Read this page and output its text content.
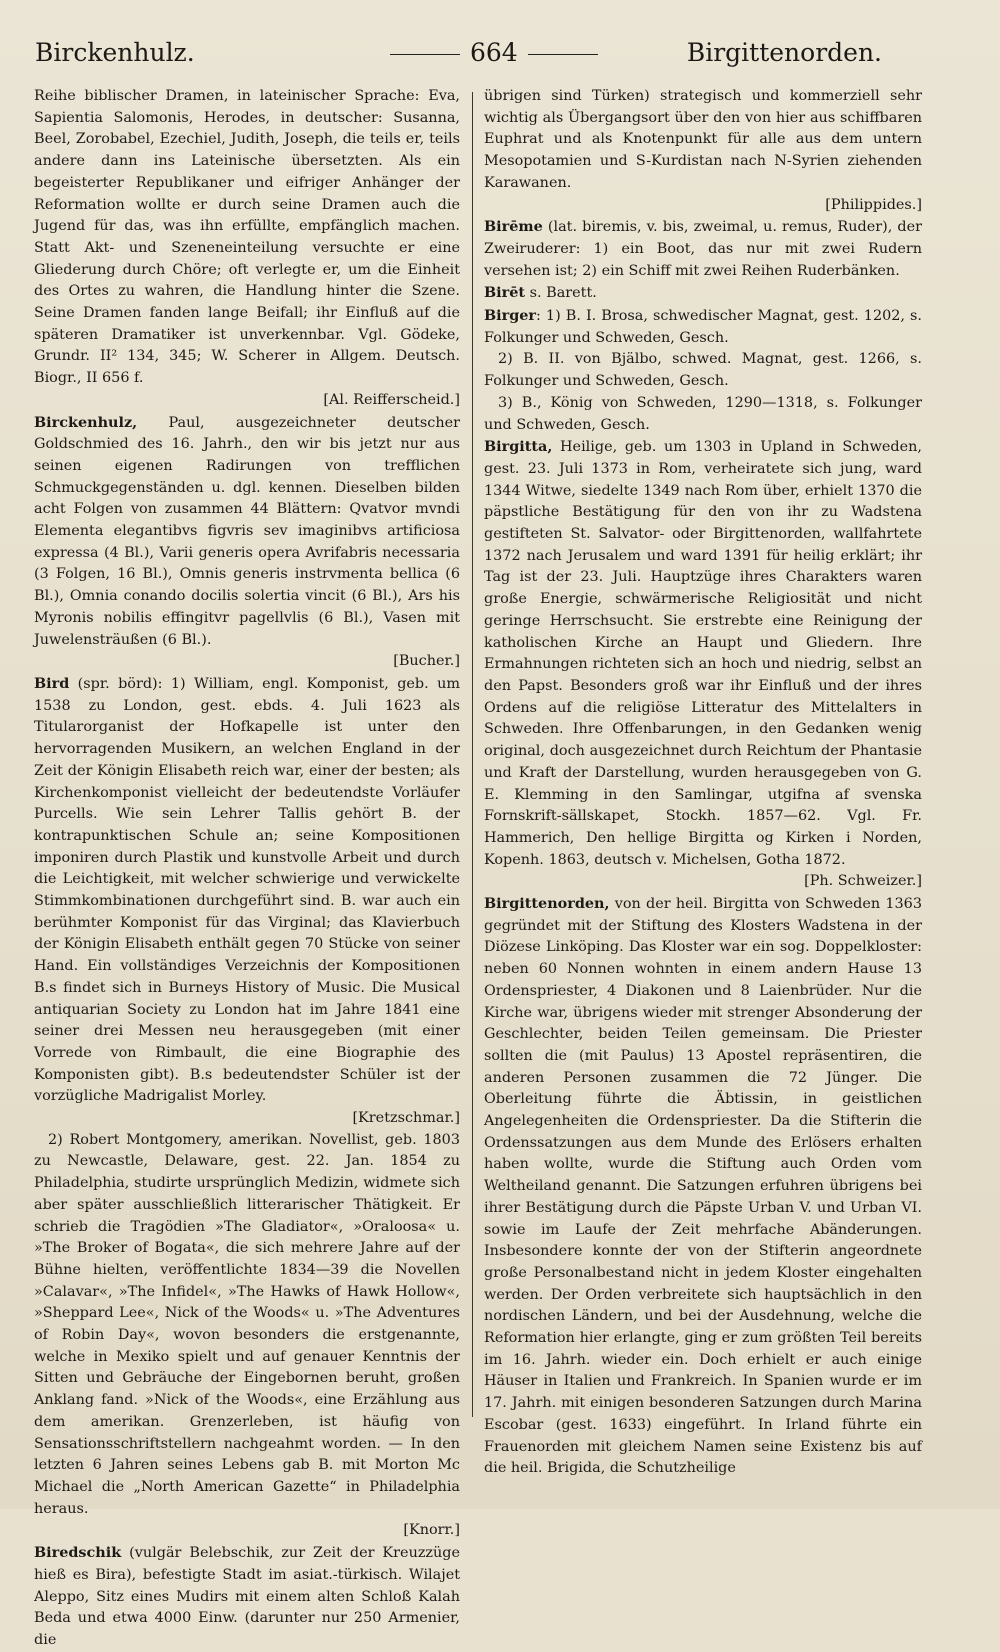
Birckenhulz.	664	Birgittenorden.

Reihe biblischer Dramen, in lateinischer Sprache: Eva, Sapientia Salomonis, Herodes, in deutscher: Susanna, Beel, Zorobabel, Ezechiel, Judith, Joseph, die teils er, teils andere dann ins Lateinische übersetzten. Als ein begeisterter Republikaner und eifriger Anhänger der Reformation wollte er durch seine Dramen auch die Jugend für das, was ihn erfüllte, empfänglich machen. Statt Akt- und Szeneneinteilung versuchte er eine Gliederung durch Chöre; oft verlegte er, um die Einheit des Ortes zu wahren, die Handlung hinter die Szene. Seine Dramen fanden lange Beifall; ihr Einfluß auf die späteren Dramatiker ist unverkennbar. Vgl. Gödeke, Grundr. II² 134, 345; W. Scherer in Allgem. Deutsch. Biogr., II 656 f.
[Al. Reifferscheid.]

Birckenhulz, Paul, ausgezeichneter deutscher Goldschmied des 16. Jahrh., den wir bis jetzt nur aus seinen eigenen Radirungen von trefflichen Schmuckgegenständen u. dgl. kennen. Dieselben bilden acht Folgen von zusammen 44 Blättern: Qvatvor mvndi Elementa elegantibvs figvris sev imaginibvs artificiosa expressa (4 Bl.), Varii generis opera Avrifabris necessaria (3 Folgen, 16 Bl.), Omnis generis instrvmenta bellica (6 Bl.), Omnia conando docilis solertia vincit (6 Bl.), Ars his Myronis nobilis effingitvr pagellvlis (6 Bl.), Vasen mit Juwelensträußen (6 Bl.).
[Bucher.]

Bird (spr. börd): 1) William, engl. Komponist, geb. um 1538 zu London, gest. ebds. 4. Juli 1623 als Titularorganist der Hofkapelle ist unter den hervorragenden Musikern, an welchen England in der Zeit der Königin Elisabeth reich war, einer der besten; als Kirchenkomponist vielleicht der bedeutendste Vorläufer Purcells. Wie sein Lehrer Tallis gehört B. der kontrapunktischen Schule an; seine Kompositionen imponiren durch Plastik und kunstvolle Arbeit und durch die Leichtigkeit, mit welcher schwierige und verwickelte Stimmkombinationen durchgeführt sind. B. war auch ein berühmter Komponist für das Virginal; das Klavierbuch der Königin Elisabeth enthält gegen 70 Stücke von seiner Hand. Ein vollständiges Verzeichnis der Kompositionen B.s findet sich in Burneys History of Music. Die Musical antiquarian Society zu London hat im Jahre 1841 eine seiner drei Messen neu herausgegeben (mit einer Vorrede von Rimbault, die eine Biographie des Komponisten gibt). B.s bedeutendster Schüler ist der vorzügliche Madrigalist Morley.
[Kretzschmar.]

2) Robert Montgomery, amerikan. Novellist, geb. 1803 zu Newcastle, Delaware, gest. 22. Jan. 1854 zu Philadelphia, studirte ursprünglich Medizin, widmete sich aber später ausschließlich litterarischer Thätigkeit. Er schrieb die Tragödien »The Gladiator«, »Oraloosa« u. »The Broker of Bogata«, die sich mehrere Jahre auf der Bühne hielten, veröffentlichte 1834—39 die Novellen »Calavar«, »The Infidel«, »The Hawks of Hawk Hollow«, »Sheppard Lee«, Nick of the Woods« u. »The Adventures of Robin Day«, wovon besonders die erstgenannte, welche in Mexiko spielt und auf genauer Kenntnis der Sitten und Gebräuche der Eingebornen beruht, großen Anklang fand. »Nick of the Woods«, eine Erzählung aus dem amerikan. Grenzerleben, ist häufig von Sensationsschriftstellern nachgeahmt worden. — In den letzten 6 Jahren seines Lebens gab B. mit Morton Mc Michael die „North American Gazette“ in Philadelphia heraus.
[Knorr.]

Biredschik (vulgär Belebschik, zur Zeit der Kreuzzüge hieß es Bira), befestigte Stadt im asiat.-türkisch. Wilajet Aleppo, Sitz eines Mudirs mit einem alten Schloß Kalah Beda und etwa 4000 Einw. (darunter nur 250 Armenier, die

übrigen sind Türken) strategisch und kommerziell sehr wichtig als Übergangsort über den von hier aus schiffbaren Euphrat und als Knotenpunkt für alle aus dem untern Mesopotamien und S-Kurdistan nach N-Syrien ziehenden Karawanen.
[Philippides.]

Birēme (lat. biremis, v. bis, zweimal, u. remus, Ruder), der Zweiruderer: 1) ein Boot, das nur mit zwei Rudern versehen ist; 2) ein Schiff mit zwei Reihen Ruderbänken.

Birēt s. Barett.

Birger: 1) B. I. Brosa, schwedischer Magnat, gest. 1202, s. Folkunger und Schweden, Gesch.

2) B. II. von Bjälbo, schwed. Magnat, gest. 1266, s. Folkunger und Schweden, Gesch.

3) B., König von Schweden, 1290—1318, s. Folkunger und Schweden, Gesch.

Birgitta, Heilige, geb. um 1303 in Upland in Schweden, gest. 23. Juli 1373 in Rom, verheiratete sich jung, ward 1344 Witwe, siedelte 1349 nach Rom über, erhielt 1370 die päpstliche Bestätigung für den von ihr zu Wadstena gestifteten St. Salvator- oder Birgittenorden, wallfahrtete 1372 nach Jerusalem und ward 1391 für heilig erklärt; ihr Tag ist der 23. Juli. Hauptzüge ihres Charakters waren große Energie, schwärmerische Religiosität und nicht geringe Herrschsucht. Sie erstrebte eine Reinigung der katholischen Kirche an Haupt und Gliedern. Ihre Ermahnungen richteten sich an hoch und niedrig, selbst an den Papst. Besonders groß war ihr Einfluß und der ihres Ordens auf die religiöse Litteratur des Mittelalters in Schweden. Ihre Offenbarungen, in den Gedanken wenig original, doch ausgezeichnet durch Reichtum der Phantasie und Kraft der Darstellung, wurden herausgegeben von G. E. Klemming in den Samlingar, utgifna af svenska Fornskrift-sällskapet, Stockh. 1857—62. Vgl. Fr. Hammerich, Den hellige Birgitta og Kirken i Norden, Kopenh. 1863, deutsch v. Michelsen, Gotha 1872.
[Ph. Schweizer.]

Birgittenorden, von der heil. Birgitta von Schweden 1363 gegründet mit der Stiftung des Klosters Wadstena in der Diözese Linköping. Das Kloster war ein sog. Doppelkloster: neben 60 Nonnen wohnten in einem andern Hause 13 Ordenspriester, 4 Diakonen und 8 Laienbrüder. Nur die Kirche war, übrigens wieder mit strenger Absonderung der Geschlechter, beiden Teilen gemeinsam. Die Priester sollten die (mit Paulus) 13 Apostel repräsentiren, die anderen Personen zusammen die 72 Jünger. Die Oberleitung führte die Äbtissin, in geistlichen Angelegenheiten die Ordenspriester. Da die Stifterin die Ordenssatzungen aus dem Munde des Erlösers erhalten haben wollte, wurde die Stiftung auch Orden vom Weltheiland genannt. Die Satzungen erfuhren übrigens bei ihrer Bestätigung durch die Päpste Urban V. und Urban VI. sowie im Laufe der Zeit mehrfache Abänderungen. Insbesondere konnte der von der Stifterin angeordnete große Personalbestand nicht in jedem Kloster eingehalten werden. Der Orden verbreitete sich hauptsächlich in den nordischen Ländern, und bei der Ausdehnung, welche die Reformation hier erlangte, ging er zum größten Teil bereits im 16. Jahrh. wieder ein. Doch erhielt er auch einige Häuser in Italien und Frankreich. In Spanien wurde er im 17. Jahrh. mit einigen besonderen Satzungen durch Marina Escobar (gest. 1633) eingeführt. In Irland führte ein Frauenorden mit gleichem Namen seine Existenz bis auf die heil. Brigida, die Schutzheilige
